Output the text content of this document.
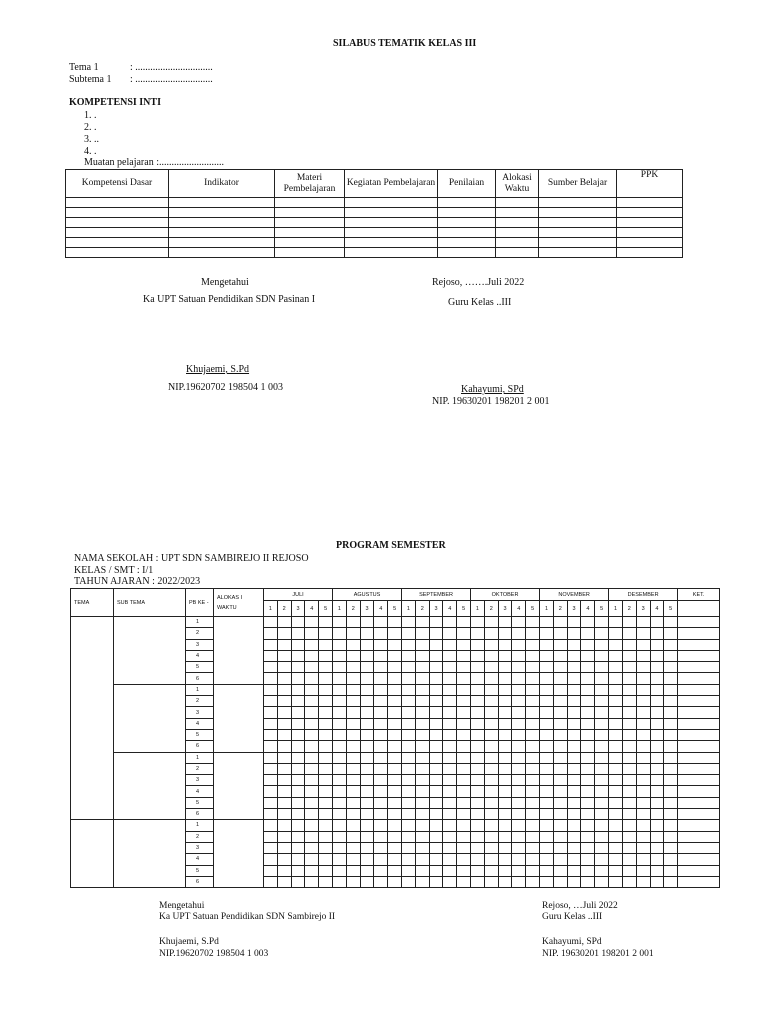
SILABUS TEMATIK KELAS III
Tema 1	: ...............................
Subtema 1 : ...............................
KOMPETENSI INTI
1. .
2. .
3. ..
4. .
Muatan pelajaran :..........................
Kompetensi Dasar	Indikator	Materi Pembelajaran	Kegiatan Pembelajaran	Penilaian	Alokasi Waktu	Sumber Belajar	PPK

Mengetahui
Ka UPT Satuan Pendidikan SDN Pasinan I
Khujaemi, S.Pd
NIP.19620702 198504 1 003
Rejoso, …….Juli 2022
Guru Kelas ..III
Kahayumi, SPd
NIP. 19630201 198201 2 001
PROGRAM SEMESTER
NAMA SEKOLAH : UPT SDN SAMBIREJO II REJOSO
KELAS / SMT : I/1
TAHUN AJARAN : 2022/2023
TEMA	SUB TEMA	PB KE -	ALOKAS I WAKTU	JULI					AGUSTUS					SEPTEMBER					OKTOBER					NOVEMBER					DESEMBER					KET.
				1	2	3	4	5	1	2	3	4	5	1	2	3	4	5	1	2	3	4	5	1	2	3	4	5	1	2	3	4	5	
		1																																
		2																																
		3																																
		4																																
		5																																
		6																																
		1																																
		2																																
		3																																
		4																																
		5																																
		6																																
		1																																
		2																																
		3																																
		4																																
		5																																
		6																																
		1																																
		2																																
		3																																
		4																																
		5																																
		6																																
Mengetahui
Ka UPT Satuan Pendidikan SDN Sambirejo II
Khujaemi, S.Pd
NIP.19620702 198504 1 003
Rejoso, …Juli 2022
Guru Kelas ..III
Kahayumi, SPd
NIP. 19630201 198201 2 001
